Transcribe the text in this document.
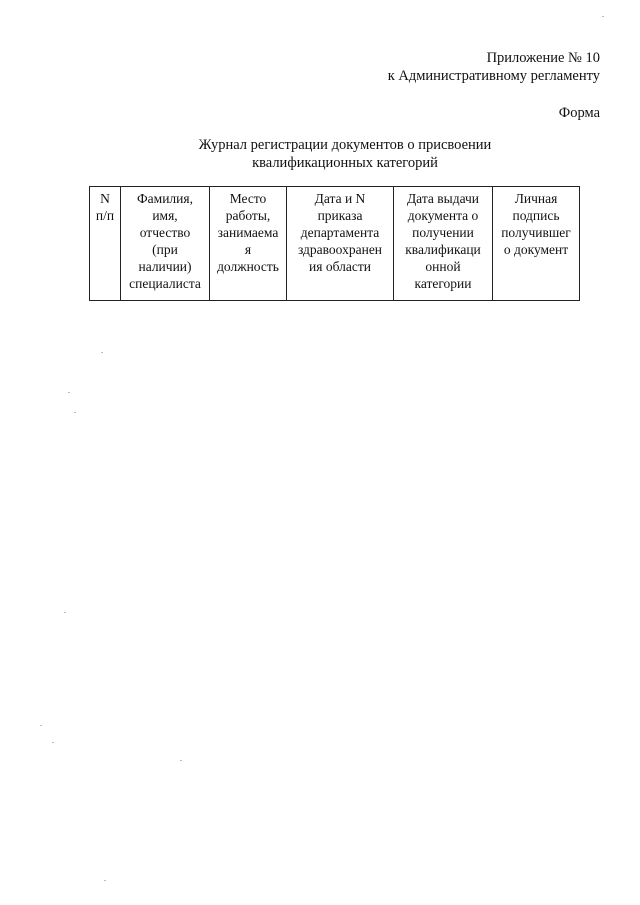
Приложение № 10
к Административному регламенту
Форма
Журнал регистрации документов о присвоении
квалификационных категорий
N
п/п

Фамилия,
имя,
отчество
(при
наличии)
специалиста

Место
работы,
занимаема
я
должность

Дата и N
приказа
департамента
здравоохранен
ия области

Дата выдачи
документа о
получении
квалификаци
онной
категории

Личная
подпись
получившег
о документ
